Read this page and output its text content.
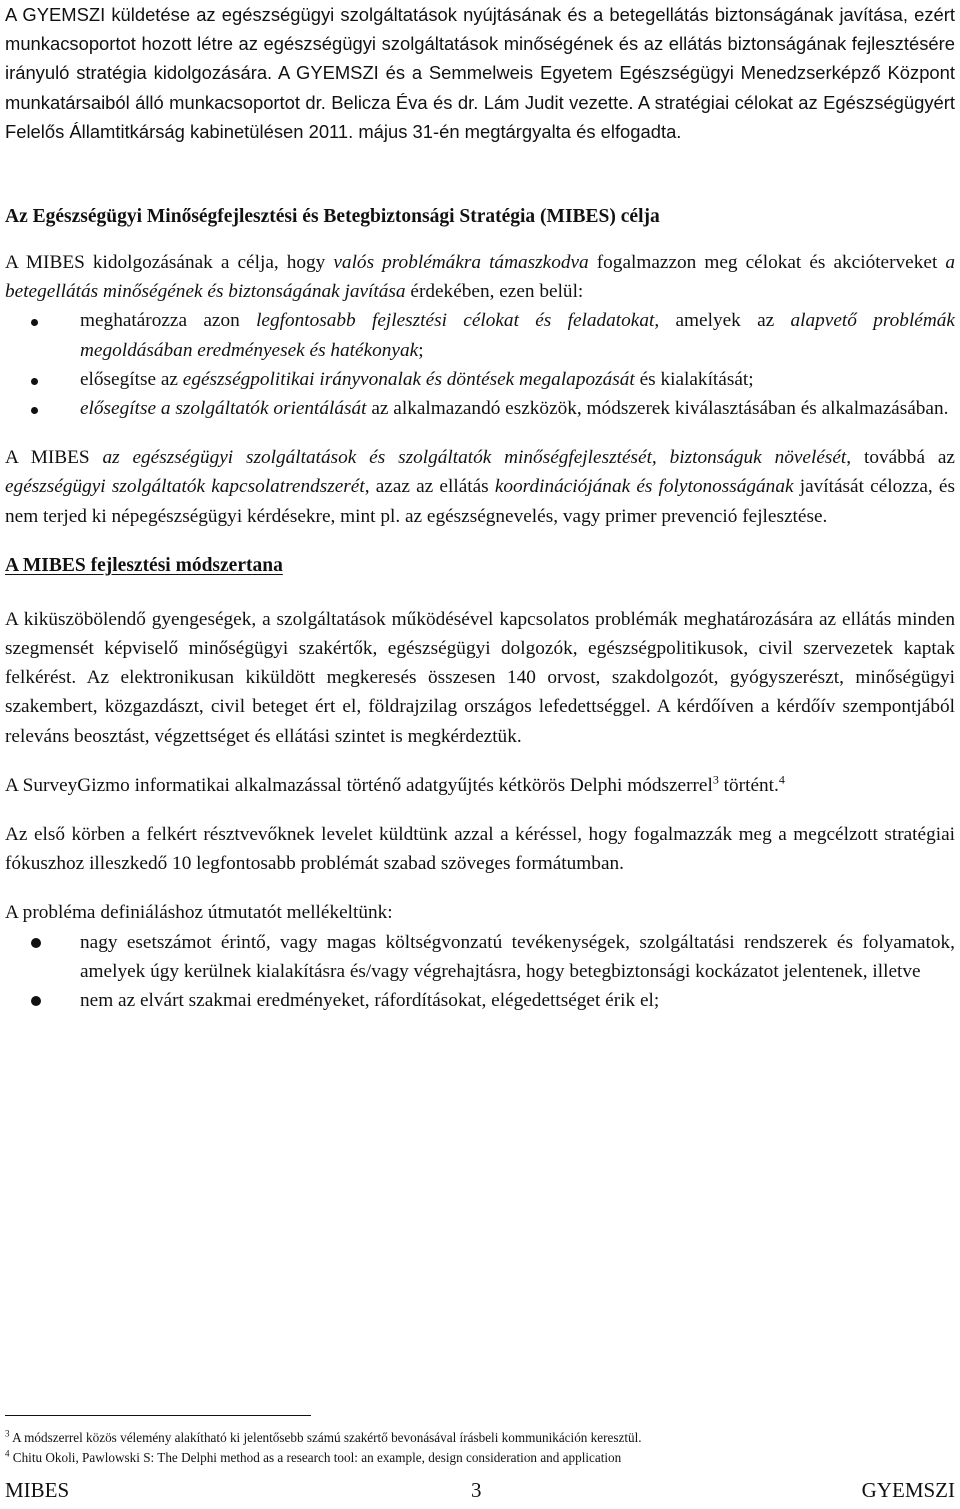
A GYEMSZI küldetése az egészségügyi szolgáltatások nyújtásának és a betegellátás biztonságának javítása, ezért munkacsoportot hozott létre az egészségügyi szolgáltatások minőségének és az ellátás biztonságának fejlesztésére irányuló stratégia kidolgozására. A GYEMSZI és a Semmelweis Egyetem Egészségügyi Menedzserképző Központ munkatársaiból álló munkacsoportot dr. Belicza Éva és dr. Lám Judit vezette. A stratégiai célokat az Egészségügyért Felelős Államtitkárság kabinetülésen 2011. május 31-én megtárgyalta és elfogadta.

Az Egészségügyi Minőségfejlesztési és Betegbiztonsági Stratégia (MIBES) célja

A MIBES kidolgozásának a célja, hogy valós problémákra támaszkodva fogalmazzon meg célokat és akcióterveket a betegellátás minőségének és biztonságának javítása érdekében, ezen belül:

meghatározza azon legfontosabb fejlesztési célokat és feladatokat, amelyek az alapvető problémák megoldásában eredményesek és hatékonyak;
elősegítse az egészségpolitikai irányvonalak és döntések megalapozását és kialakítását;
elősegítse a szolgáltatók orientálását az alkalmazandó eszközök, módszerek kiválasztásában és alkalmazásában.

A MIBES az egészségügyi szolgáltatások és szolgáltatók minőségfejlesztését, biztonságuk növelését, továbbá az egészségügyi szolgáltatók kapcsolatrendszerét, azaz az ellátás koordinációjának és folytonosságának javítását célozza, és nem terjed ki népegészségügyi kérdésekre, mint pl. az egészségnevelés, vagy primer prevenció fejlesztése.

A MIBES fejlesztési módszertana

A kiküszöbölendő gyengeségek, a szolgáltatások működésével kapcsolatos problémák meghatározására az ellátás minden szegmensét képviselő minőségügyi szakértők, egészségügyi dolgozók, egészségpolitikusok, civil szervezetek kaptak felkérést. Az elektronikusan kiküldött megkeresés összesen 140 orvost, szakdolgozót, gyógyszerészt, minőségügyi szakembert, közgazdászt, civil beteget ért el, földrajzilag országos lefedettséggel. A kérdőíven a kérdőív szempontjából releváns beosztást, végzettséget és ellátási szintet is megkérdeztük.

A SurveyGizmo informatikai alkalmazással történő adatgyűjtés kétkörös Delphi módszerrel$^3$ történt.$^4$

Az első körben a felkért résztvevőknek levelet küldtünk azzal a kéréssel, hogy fogalmazzák meg a megcélzott stratégiai fókuszhoz illeszkedő 10 legfontosabb problémát szabad szöveges formátumban.

A probléma definiáláshoz útmutatót mellékeltünk:

nagy esetszámot érintő, vagy magas költségvonzatú tevékenységek, szolgáltatási rendszerek és folyamatok, amelyek úgy kerülnek kialakításra és/vagy végrehajtásra, hogy betegbiztonsági kockázatot jelentenek, illetve
nem az elvárt szakmai eredményeket, ráfordításokat, elégedettséget érik el;
$^3$ A módszerrel közös vélemény alakítható ki jelentősebb számú szakértő bevonásával írásbeli kommunikáción keresztül.
$^4$ Chitu Okoli, Pawlowski S: The Delphi method as a research tool: an example, design consideration and application
MIBES	3	GYEMSZI
